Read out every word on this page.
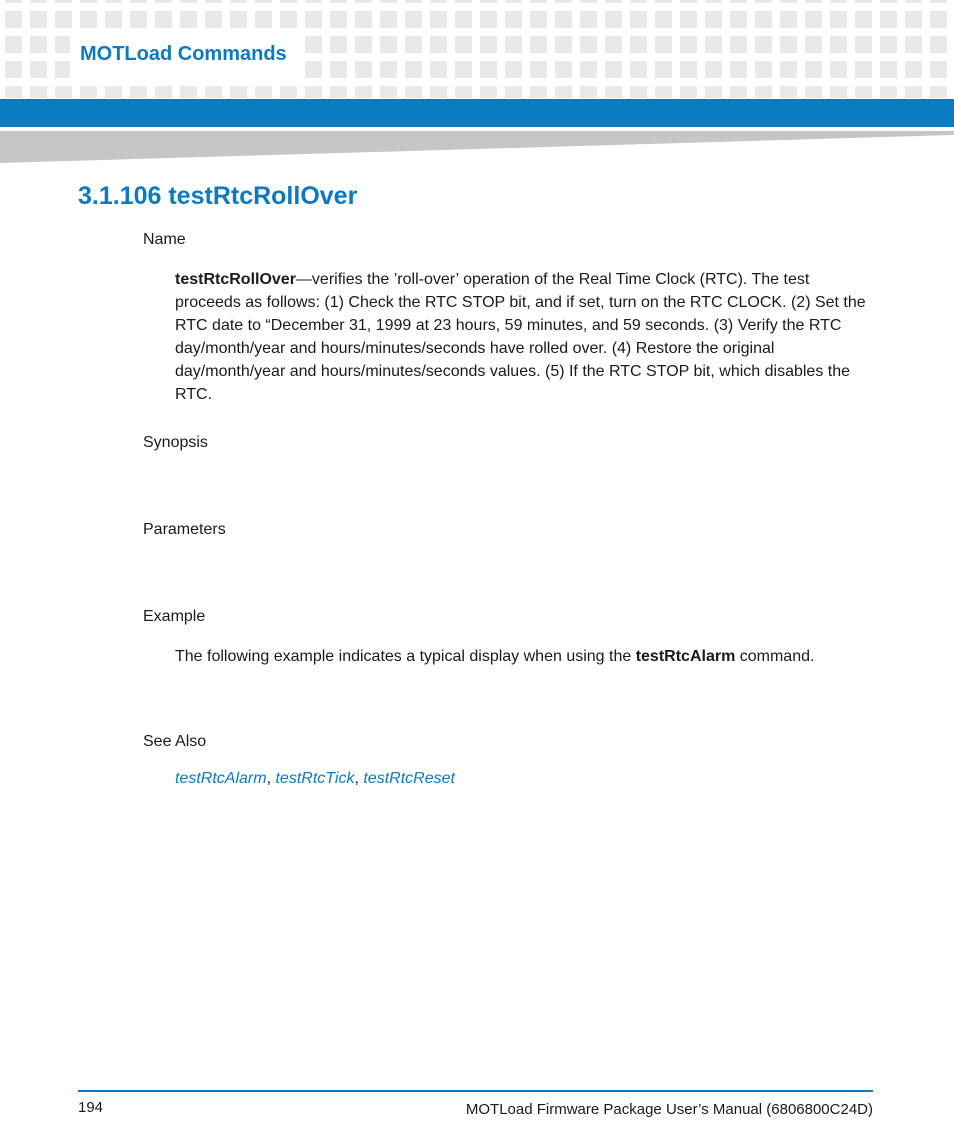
MOTLoad Commands
3.1.106 testRtcRollOver
Name

testRtcRollOver—verifies the ’roll-over’ operation of the Real Time Clock (RTC). The test proceeds as follows: (1) Check the RTC STOP bit, and if set, turn on the RTC CLOCK. (2) Set the RTC date to “December 31, 1999 at 23 hours, 59 minutes, and 59 seconds. (3) Verify the RTC day/month/year and hours/minutes/seconds have rolled over. (4) Restore the original day/month/year and hours/minutes/seconds values. (5) If the RTC STOP bit, which disables the RTC.

Synopsis
Parameters
Example

The following example indicates a typical display when using the testRtcAlarm command.

See Also
testRtcAlarm, testRtcTick, testRtcReset
194	MOTLoad Firmware Package User’s Manual (6806800C24D)
